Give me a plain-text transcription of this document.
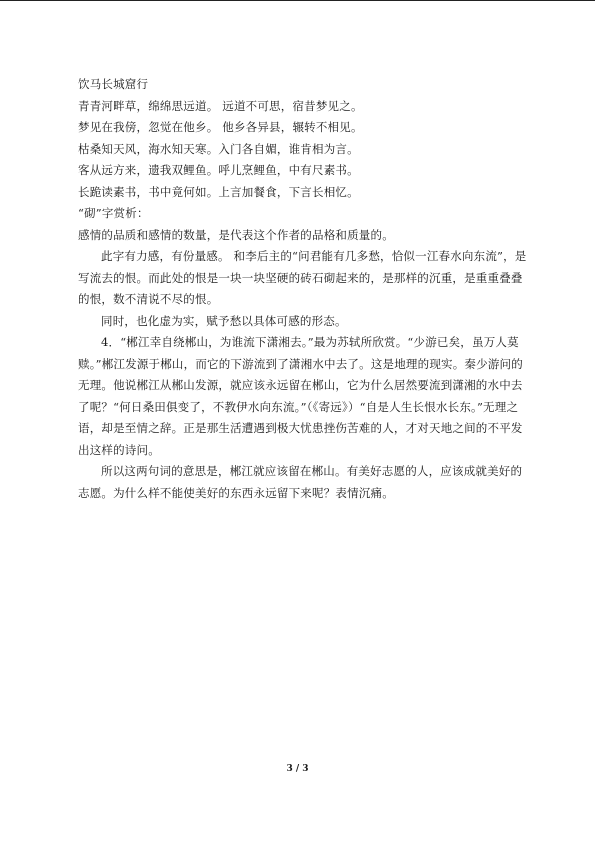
饮马长城窟行

青青河畔草，绵绵思远道。 远道不可思，宿昔梦见之。

梦见在我傍，忽觉在他乡。 他乡各异县，辗转不相见。

枯桑知天风，海水知天寒。入门各自媚，谁肯相为言。

客从远方来，遗我双鲤鱼。呼儿烹鲤鱼，中有尺素书。

长跪读素书，书中竟何如。上言加餐食，下言长相忆。

“砌”字赏析：

感情的品质和感情的数量，是代表这个作者的品格和质量的。

此字有力感，有份量感。 和李后主的“问君能有几多愁，恰似一江春水向东流”，是写流去的恨。而此处的恨是一块一块坚硬的砖石砌起来的，是那样的沉重，是重重叠叠的恨，数不清说不尽的恨。

同时，也化虚为实，赋予愁以具体可感的形态。

4．“郴江幸自绕郴山，为谁流下潇湘去。”最为苏轼所欣赏。“少游已矣，虽万人莫赎。”郴江发源于郴山，而它的下游流到了潇湘水中去了。这是地理的现实。秦少游问的无理。他说郴江从郴山发源，就应该永远留在郴山，它为什么居然要流到潇湘的水中去了呢？“何日桑田俱变了，不教伊水向东流。”（《寄远》）“自是人生长恨水长东。”无理之语，却是至情之辞。正是那生活遭遇到极大忧患挫伤苦难的人，才对天地之间的不平发出这样的诗问。

所以这两句词的意思是，郴江就应该留在郴山。有美好志愿的人，应该成就美好的志愿。为什么样不能使美好的东西永远留下来呢？表情沉痛。

3 / 3
